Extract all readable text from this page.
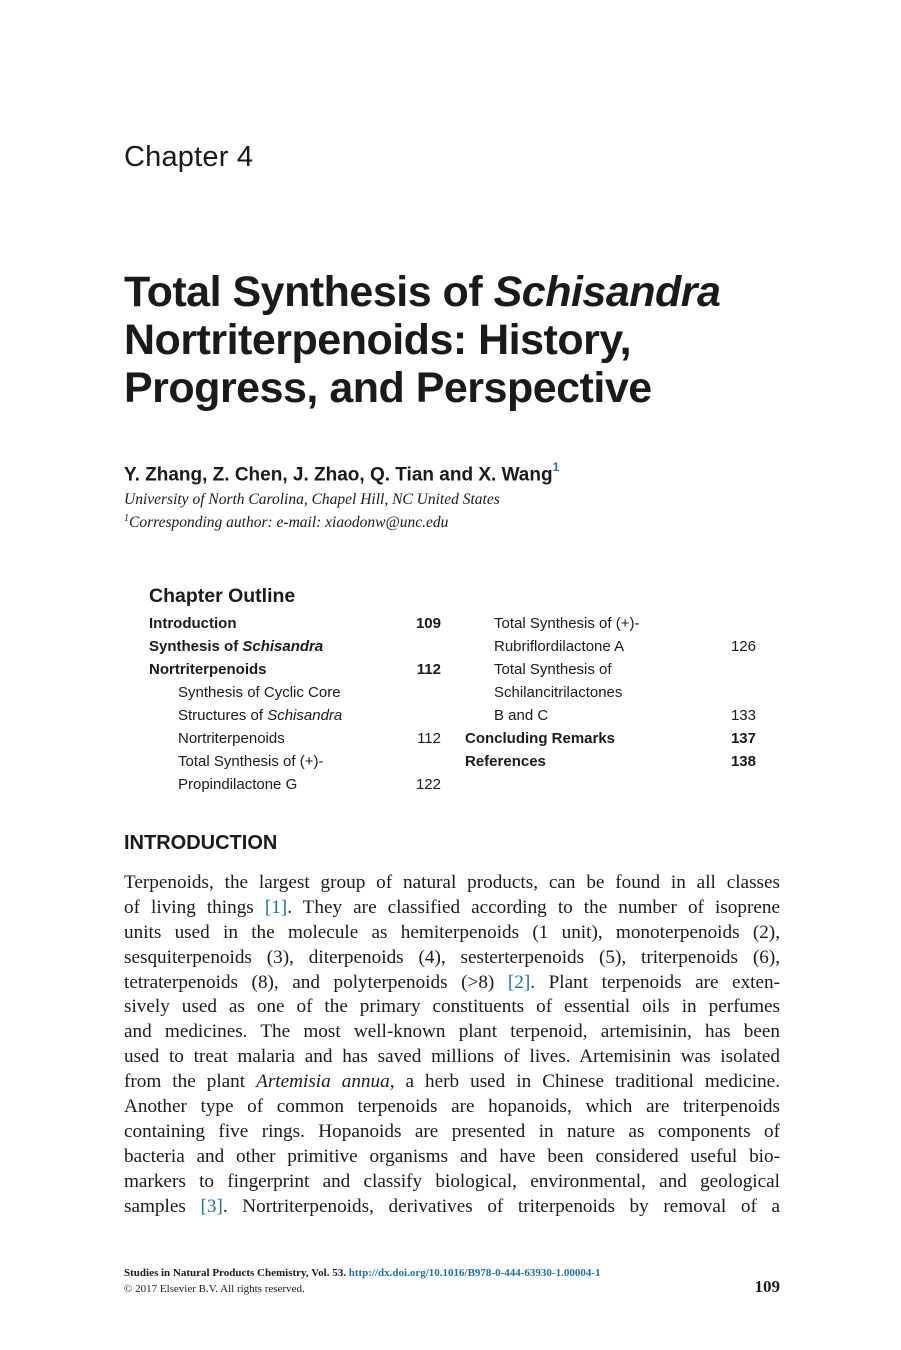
Chapter 4
Total Synthesis of Schisandra
Nortriterpenoids: History,
Progress, and Perspective
Y. Zhang, Z. Chen, J. Zhao, Q. Tian and X. Wang$^1$
University of North Carolina, Chapel Hill, NC United States
$^1$Corresponding author: e-mail: xiaodonw@unc.edu
Chapter Outline
Introduction	109
Synthesis of Schisandra
Nortriterpenoids	112
Synthesis of Cyclic Core
Structures of Schisandra
Nortriterpenoids	112
Total Synthesis of (+)-
Propindilactone G	122
Total Synthesis of (+)-
Rubriflordilactone A	126
Total Synthesis of
Schilancitrilactones
B and C	133
Concluding Remarks	137
References	138
INTRODUCTION
Terpenoids, the largest group of natural products, can be found in all classes
of living things [1]. They are classified according to the number of isoprene
units used in the molecule as hemiterpenoids (1 unit), monoterpenoids (2),
sesquiterpenoids (3), diterpenoids (4), sesterterpenoids (5), triterpenoids (6),
tetraterpenoids (8), and polyterpenoids (>8) [2]. Plant terpenoids are exten-
sively used as one of the primary constituents of essential oils in perfumes
and medicines. The most well-known plant terpenoid, artemisinin, has been
used to treat malaria and has saved millions of lives. Artemisinin was isolated
from the plant Artemisia annua, a herb used in Chinese traditional medicine.
Another type of common terpenoids are hopanoids, which are triterpenoids
containing five rings. Hopanoids are presented in nature as components of
bacteria and other primitive organisms and have been considered useful bio-
markers to fingerprint and classify biological, environmental, and geological
samples [3]. Nortriterpenoids, derivatives of triterpenoids by removal of a
Studies in Natural Products Chemistry, Vol. 53. http://dx.doi.org/10.1016/B978-0-444-63930-1.00004-1
© 2017 Elsevier B.V. All rights reserved.	109
